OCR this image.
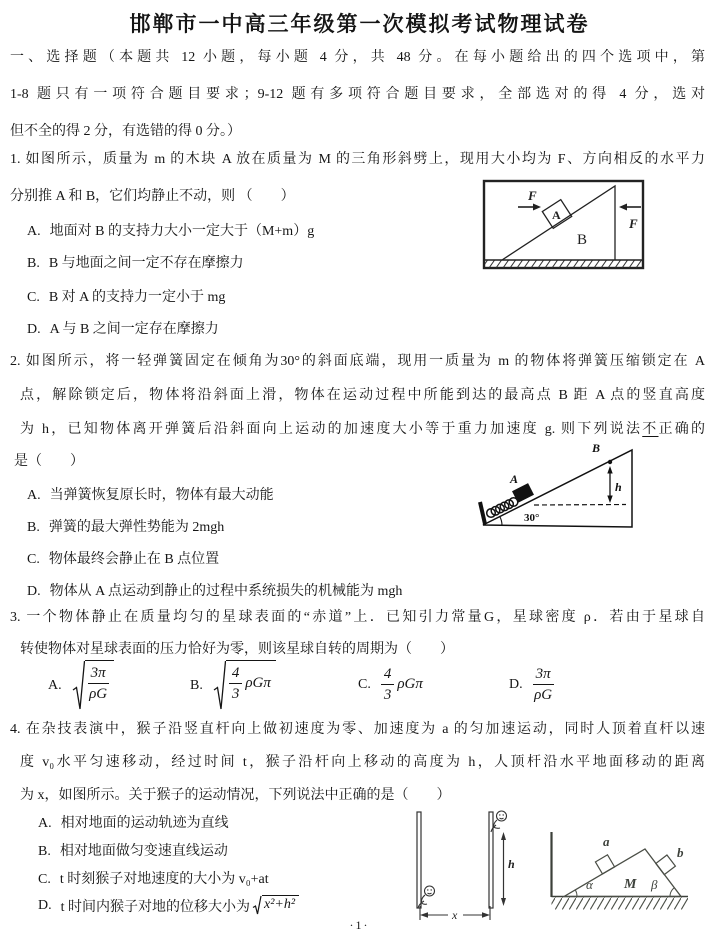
邯郸市一中高三年级第一次模拟考试物理试卷
一、选择题（本题共 12 小题，每小题 4 分，共 48 分。在每小题给出的四个选项中，第
1-8 题只有一项符合题目要求；9-12 题有多项符合题目要求，全部选对的得 4 分，选对
但不全的得 2 分，有选错的得 0 分。）
1. 如图所示，质量为 m 的木块 A 放在质量为 M 的三角形斜劈上，现用大小均为 F、方向相反的水平力
分别推 A 和 B，它们均静止不动，则 （　　）
A. 地面对 B 的支持力大小一定大于（M+m）g
B. B 与地面之间一定不存在摩擦力
C. B 对 A 的支持力一定小于 mg
D. A 与 B 之间一定存在摩擦力
F
F
A
B
2. 如图所示，将一轻弹簧固定在倾角为30°的斜面底端，现用一质量为 m 的物体将弹簧压缩锁定在 A
点，解除锁定后，物体将沿斜面上滑，物体在运动过程中所能到达的最高点 B 距 A 点的竖直高度
为 h，已知物体离开弹簧后沿斜面向上运动的加速度大小等于重力加速度 g. 则下列说法不正确的
是（　　）
A. 当弹簧恢复原长时，物体有最大动能
B. 弹簧的最大弹性势能为 2mgh
C. 物体最终会静止在 B 点位置
D. 物体从 A 点运动到静止的过程中系统损失的机械能为 mgh
A
B
30°
h
3. 一个物体静止在质量均匀的星球表面的“赤道”上．已知引力常量G，星球密度 ρ．若由于星球自
转使物体对星球表面的压力恰好为零，则该星球自转的周期为（　　）
A. $\frac{3\pi}{\rho G}$	B. $\frac{4}{3}$ ρGπ	C. $\frac{4}{3}$ ρGπ	D. $\frac{3\pi}{\rho G}$
4. 在杂技表演中，猴子沿竖直杆向上做初速度为零、加速度为 a 的匀加速运动，同时人顶着直杆以速
度 v₀水平匀速移动，经过时间 t，猴子沿杆向上移动的高度为 h，人顶杆沿水平地面移动的距离
为 x，如图所示。关于猴子的运动情况，下列说法中正确的是（　　）
A. 相对地面的运动轨迹为直线
B. 相对地面做匀变速直线运动
C. t 时刻猴子对地速度的大小为 v₀+at
D. t 时间内猴子对地的位移大小为 x²+h²
h
x
a
b
M
α	β
·1·
